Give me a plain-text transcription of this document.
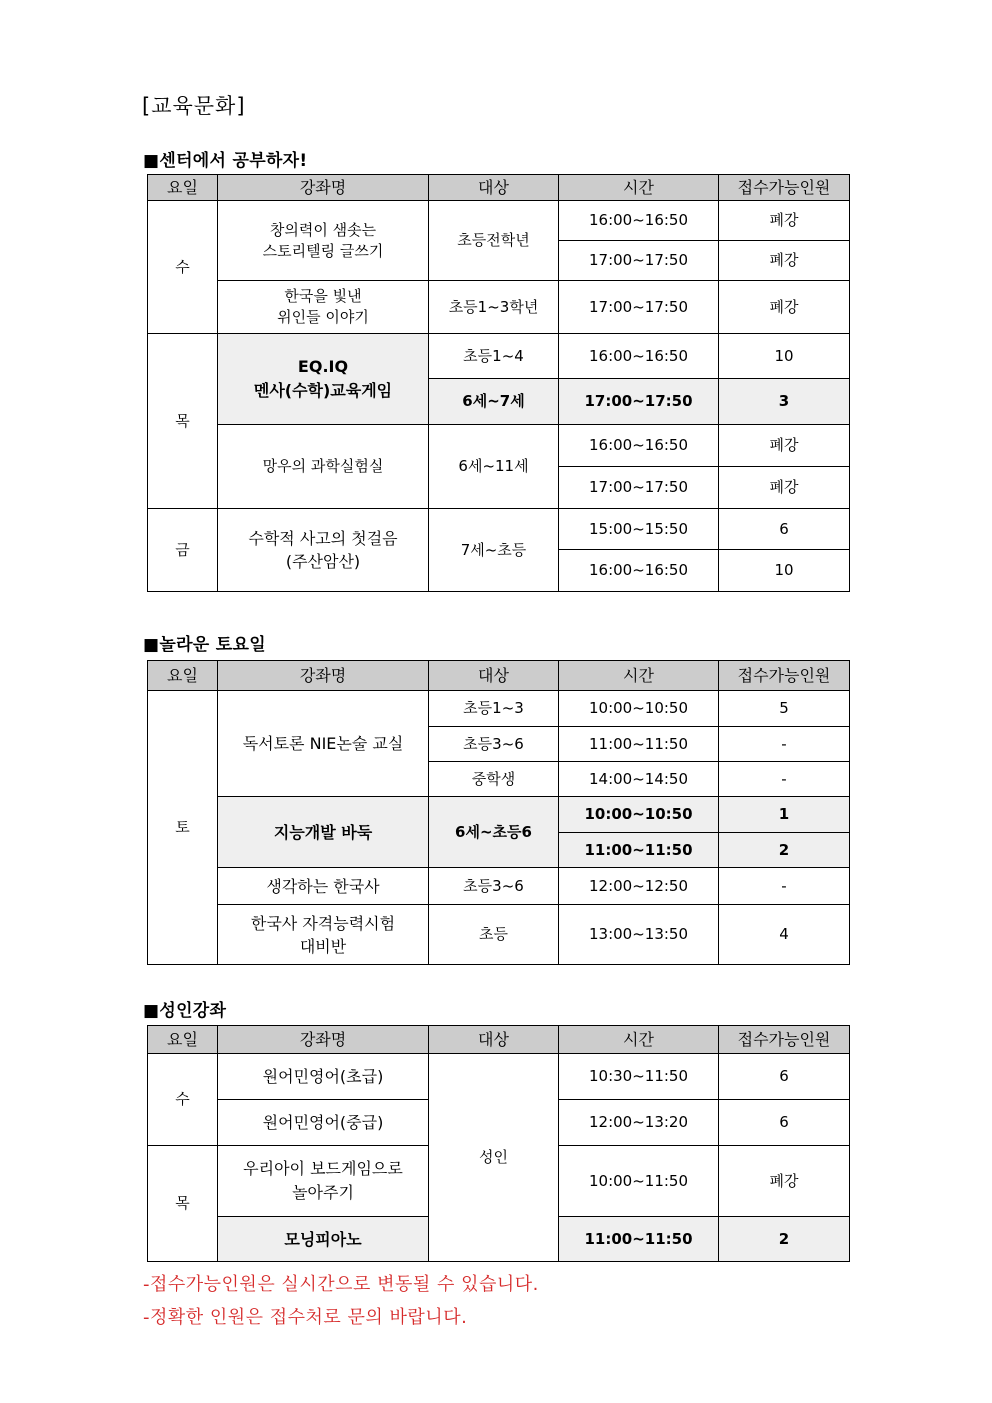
[교육문화]
■센터에서 공부하자!
요일	강좌명	대상	시간	접수가능인원
수	창의력이 샘솟는
스토리텔링 글쓰기	초등전학년	16:00~16:50	폐강
			17:00~17:50	폐강
	한국을 빛낸
위인들 이야기	초등1~3학년	17:00~17:50	폐강
목	EQ.IQ
멘사(수학)교육게임	초등1~4	16:00~16:50	10
		6세~7세	17:00~17:50	3
	망우의 과학실험실	6세~11세	16:00~16:50	폐강
			17:00~17:50	폐강
금	수학적 사고의 첫걸음
(주산암산)	7세~초등	15:00~15:50	6
			16:00~16:50	10
■놀라운 토요일
요일	강좌명	대상	시간	접수가능인원
토	독서토론 NIE논술 교실	초등1~3	10:00~10:50	5
		초등3~6	11:00~11:50	-
		중학생	14:00~14:50	-
	지능개발 바둑	6세~초등6	10:00~10:50	1
			11:00~11:50	2
	생각하는 한국사	초등3~6	12:00~12:50	-
	한국사 자격능력시험
대비반	초등	13:00~13:50	4
■성인강좌
요일	강좌명	대상	시간	접수가능인원
수	원어민영어(초급)	성인	10:30~11:50	6
	원어민영어(중급)		12:00~13:20	6
목	우리아이 보드게임으로
놀아주기		10:00~11:50	폐강
	모닝피아노		11:00~11:50	2
-접수가능인원은 실시간으로 변동될 수 있습니다.
-정확한 인원은 접수처로 문의 바랍니다.
